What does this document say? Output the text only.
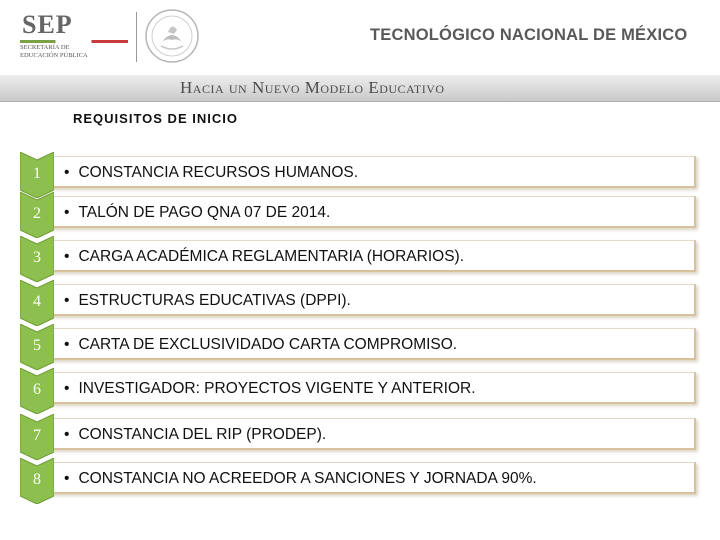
SEP
SECRETARÍA DE
EDUCACIÓN PÚBLICA
TECNOLÓGICO NACIONAL DE MÉXICO
Hacia un Nuevo Modelo Educativo
REQUISITOS DE INICIO
• CONSTANCIA RECURSOS HUMANOS.
1
• TALÓN DE PAGO QNA 07 DE 2014.
2
• CARGA ACADÉMICA REGLAMENTARIA (HORARIOS).
3
• ESTRUCTURAS EDUCATIVAS (DPPI).
4
• CARTA DE EXCLUSIVIDADO CARTA COMPROMISO.
5
• INVESTIGADOR: PROYECTOS VIGENTE Y ANTERIOR.
6
• CONSTANCIA DEL RIP (PRODEP).
7
• CONSTANCIA NO ACREEDOR A SANCIONES Y JORNADA 90%.
8
